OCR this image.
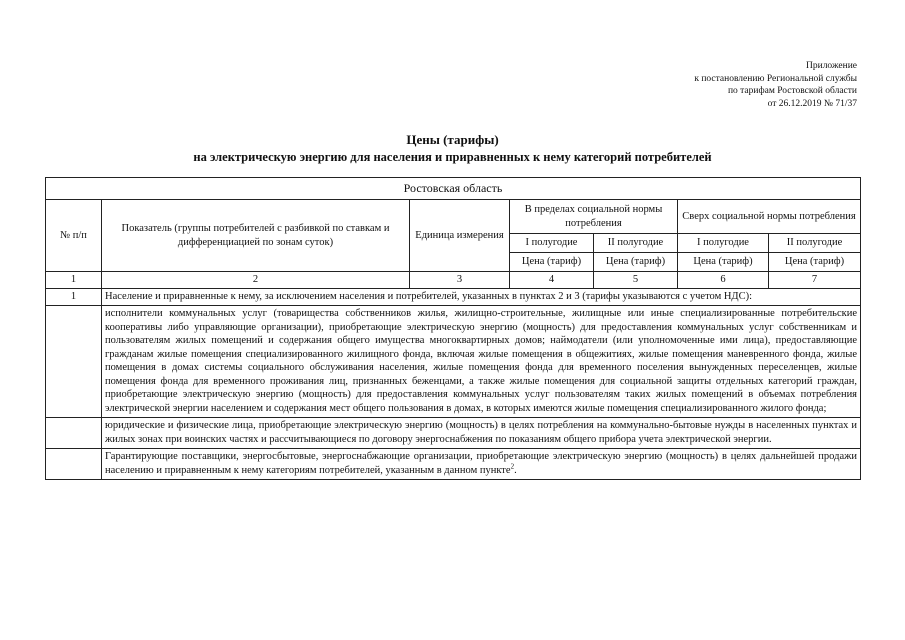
Приложение
к постановлению Региональной службы
по тарифам Ростовской области
от 26.12.2019 № 71/37
Цены (тарифы)
на электрическую энергию для населения и приравненных к нему категорий потребителей
Ростовская область						
№ п/п	Показатель (группы потребителей с разбивкой по ставкам и дифференциацией по зонам суток)	Единица измерения	В пределах социальной нормы потребления		Сверх социальной нормы потребления	
			I полугодие	II полугодие	I полугодие	II полугодие
			Цена (тариф)	Цена (тариф)	Цена (тариф)	Цена (тариф)
1	2	3	4	5	6	7
1	Население и приравненные к нему, за исключением населения и потребителей, указанных в пунктах 2 и 3 (тарифы указываются с учетом НДС):					
	исполнители коммунальных услуг (товарищества собственников жилья, жилищно-строительные, жилищные или иные специализированные потребительские кооперативы либо управляющие организации), приобретающие электрическую энергию (мощность) для предоставления коммунальных услуг собственникам и пользователям жилых помещений и содержания общего имущества многоквартирных домов; наймодатели (или уполномоченные ими лица), предоставляющие гражданам жилые помещения специализированного жилищного фонда, включая жилые помещения в общежитиях, жилые помещения маневренного фонда, жилые помещения в домах системы социального обслуживания населения, жилые помещения фонда для временного поселения вынужденных переселенцев, жилые помещения фонда для временного проживания лиц, признанных беженцами, а также жилые помещения для социальной защиты отдельных категорий граждан, приобретающие электрическую энергию (мощность) для предоставления коммунальных услуг пользователям таких жилых помещений в объемах потребления электрической энергии населением и содержания мест общего пользования в домах, в которых имеются жилые помещения специализированного жилого фонда;					
	юридические и физические лица, приобретающие электрическую энергию (мощность) в целях потребления на коммунально-бытовые нужды в населенных пунктах и жилых зонах при воинских частях и рассчитывающиеся по договору энергоснабжения по показаниям общего прибора учета электрической энергии.					
	Гарантирующие поставщики, энергосбытовые, энергоснабжающие организации, приобретающие электрическую энергию (мощность) в целях дальнейшей продажи населению и приравненным к нему категориям потребителей, указанным в данном пункте$^2$.					
